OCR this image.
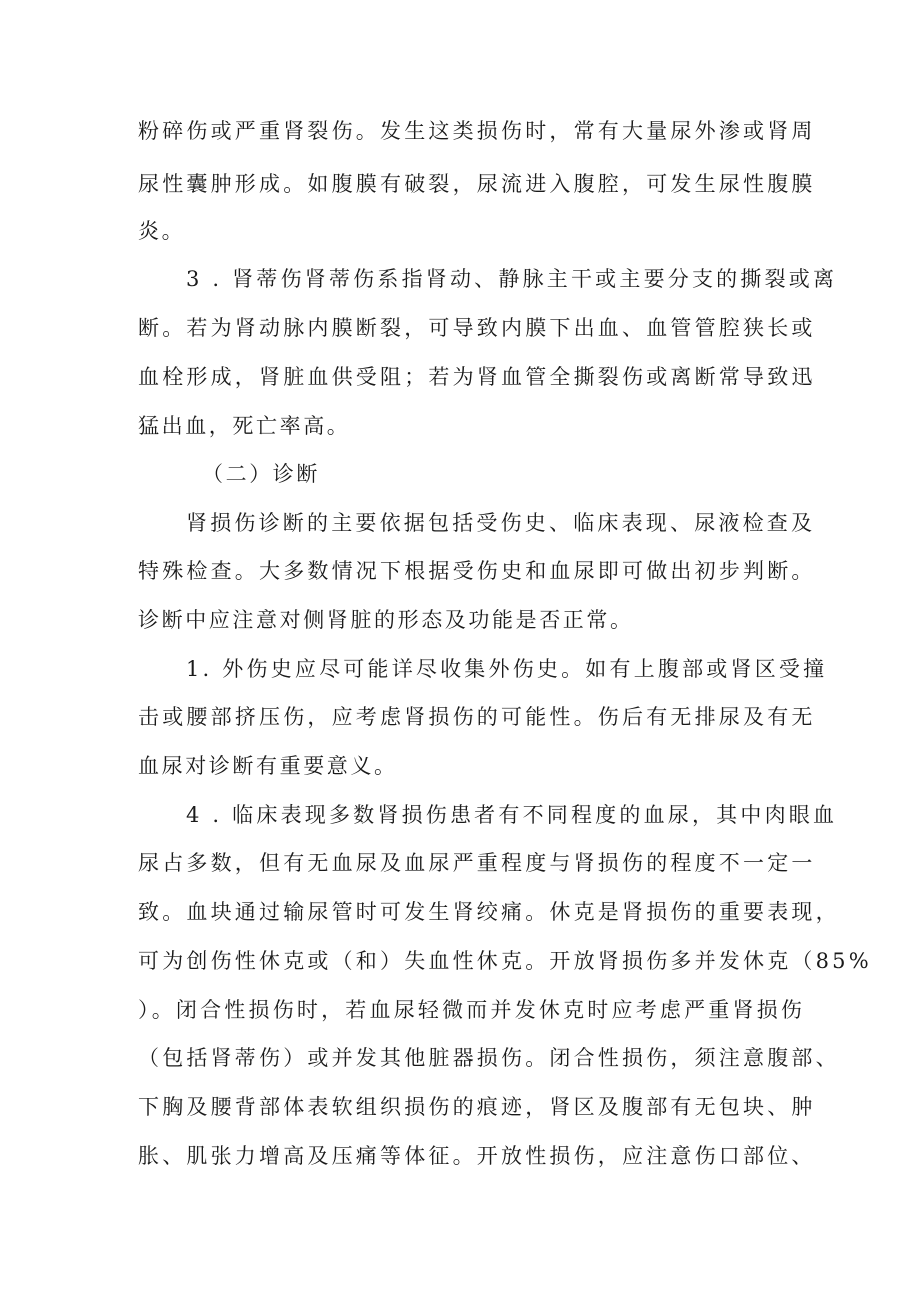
粉碎伤或严重肾裂伤。发生这类损伤时，常有大量尿外渗或肾周

尿性囊肿形成。如腹膜有破裂，尿流进入腹腔，可发生尿性腹膜

炎。

3 . 肾蒂伤肾蒂伤系指肾动、静脉主干或主要分支的撕裂或离

断。若为肾动脉内膜断裂，可导致内膜下出血、血管管腔狭长或

血栓形成，肾脏血供受阻；若为肾血管全撕裂伤或离断常导致迅

猛出血，死亡率高。

（二）诊断

肾损伤诊断的主要依据包括受伤史、临床表现、尿液检查及

特殊检查。大多数情况下根据受伤史和血尿即可做出初步判断。

诊断中应注意对侧肾脏的形态及功能是否正常。

1. 外伤史应尽可能详尽收集外伤史。如有上腹部或肾区受撞

击或腰部挤压伤，应考虑肾损伤的可能性。伤后有无排尿及有无

血尿对诊断有重要意义。

4 . 临床表现多数肾损伤患者有不同程度的血尿，其中肉眼血

尿占多数，但有无血尿及血尿严重程度与肾损伤的程度不一定一

致。血块通过输尿管时可发生肾绞痛。休克是肾损伤的重要表现，

可为创伤性休克或（和）失血性休克。开放肾损伤多并发休克（85%

）。闭合性损伤时，若血尿轻微而并发休克时应考虑严重肾损伤

（包括肾蒂伤）或并发其他脏器损伤。闭合性损伤，须注意腹部、

下胸及腰背部体表软组织损伤的痕迹，肾区及腹部有无包块、肿

胀、肌张力增高及压痛等体征。开放性损伤，应注意伤口部位、
